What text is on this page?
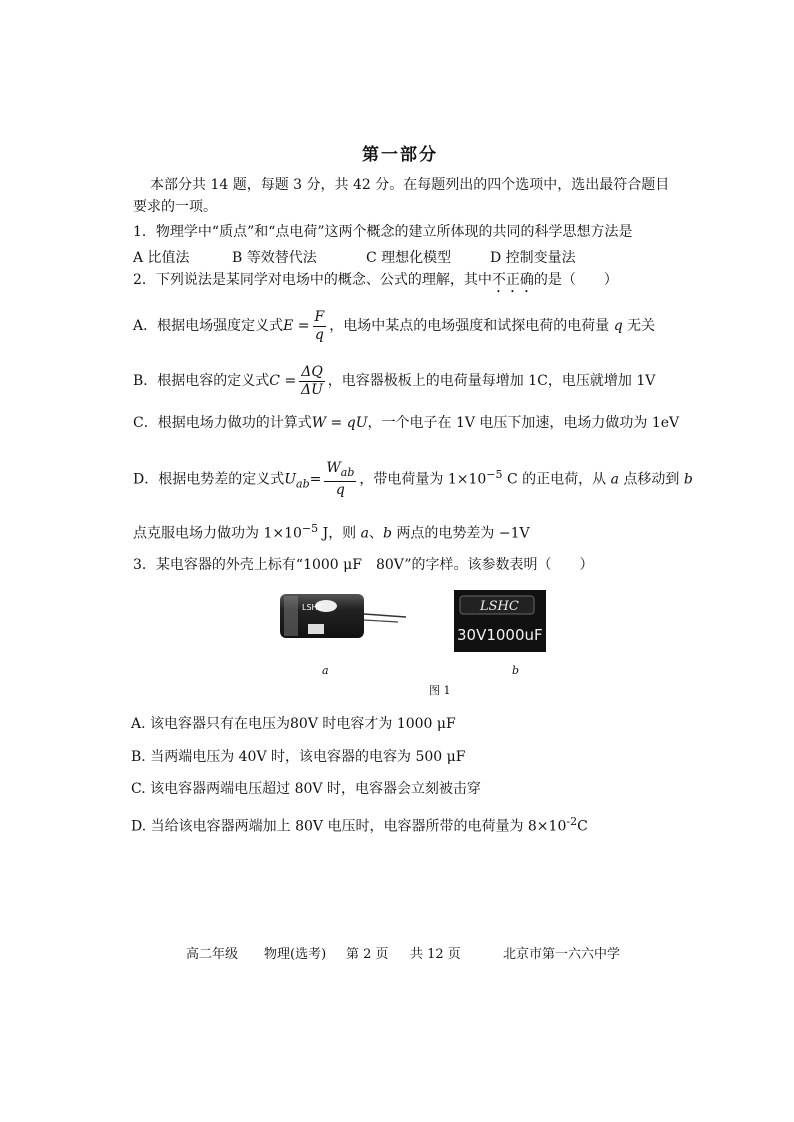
第一部分
本部分共 14 题，每题 3 分，共 42 分。在每题列出的四个选项中，选出最符合题目
要求的一项。
1．物理学中“质点”和“点电荷”这两个概念的建立所体现的共同的科学思想方法是
A 比值法	B 等效替代法	C 理想化模型	D 控制变量法
2．下列说法是某同学对电场中的概念、公式的理解，其中不正确的是（　　）
A．根据电场强度定义式$E = \frac{F}{q}$ ，电场中某点的电场强度和试探电荷的电荷量 q 无关
B．根据电容的定义式$C = \frac{\Delta Q}{\Delta U}$ ，电容器极板上的电荷量每增加 1C，电压就增加 1V
C．根据电场力做功的计算式W = qU，一个电子在 1V 电压下加速，电场力做功为 1eV
D．根据电势差的定义式$U_{ab}= \frac{W_{ab}}{q}$ ，带电荷量为 $1\times 10^{-5}$ C 的正电荷，从 a 点移动到 b
点克服电场力做功为 $1\times 10^{-5}$ J，则 a、b 两点的电势差为 −1V
3．某电容器的外壳上标有“1000 μF　80V”的字样。该参数表明（　　）
LSHC
a
LSHC
30V1000uF
b
图 1
A. 该电容器只有在电压为80V 时电容才为 1000 μF
B. 当两端电压为 40V 时，该电容器的电容为 500 μF
C. 该电容器两端电压超过 80V 时，电容器会立刻被击穿
D. 当给该电容器两端加上 80V 电压时，电容器所带的电荷量为 $8\times 10^{-2}C$
高二年级 物理(选考) 第 2 页 共 12 页	北京市第一六六中学
